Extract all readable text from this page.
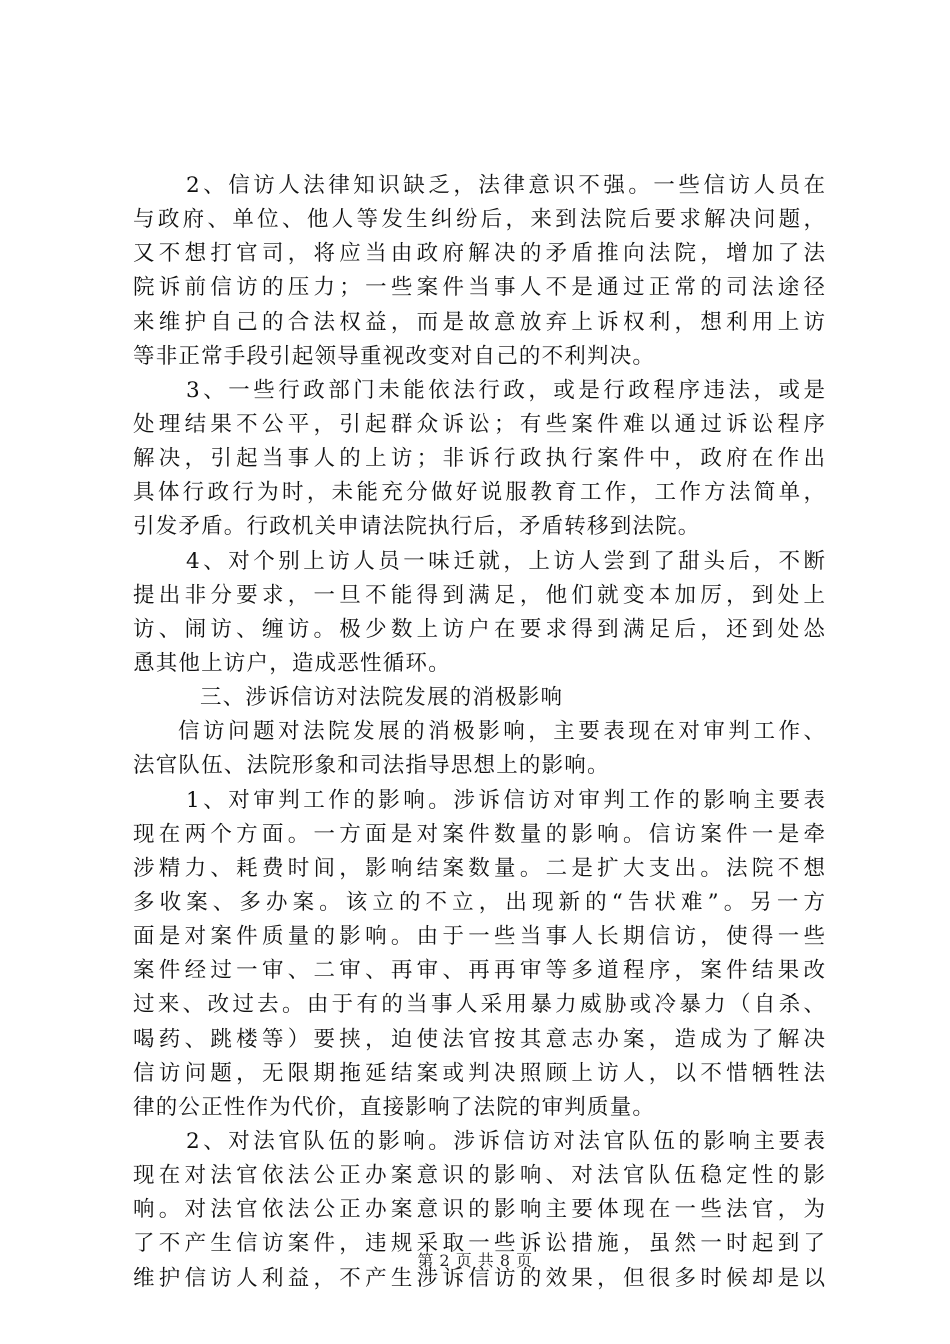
2、信访人法律知识缺乏，法律意识不强。一些信访人员在
与政府、单位、他人等发生纠纷后，来到法院后要求解决问题，
又不想打官司，将应当由政府解决的矛盾推向法院，增加了法
院诉前信访的压力；一些案件当事人不是通过正常的司法途径
来维护自己的合法权益，而是故意放弃上诉权利，想利用上访
等非正常手段引起领导重视改变对自己的不利判决。
3、一些行政部门未能依法行政，或是行政程序违法，或是
处理结果不公平，引起群众诉讼；有些案件难以通过诉讼程序
解决，引起当事人的上访；非诉行政执行案件中，政府在作出
具体行政行为时，未能充分做好说服教育工作，工作方法简单，
引发矛盾。行政机关申请法院执行后，矛盾转移到法院。
4、对个别上访人员一味迁就，上访人尝到了甜头后，不断
提出非分要求，一旦不能得到满足，他们就变本加厉，到处上
访、闹访、缠访。极少数上访户在要求得到满足后，还到处怂
恿其他上访户，造成恶性循环。
三、涉诉信访对法院发展的消极影响
信访问题对法院发展的消极影响，主要表现在对审判工作、
法官队伍、法院形象和司法指导思想上的影响。
1、对审判工作的影响。涉诉信访对审判工作的影响主要表
现在两个方面。一方面是对案件数量的影响。信访案件一是牵
涉精力、耗费时间，影响结案数量。二是扩大支出。法院不想
多收案、多办案。该立的不立，出现新的“告状难”。另一方
面是对案件质量的影响。由于一些当事人长期信访，使得一些
案件经过一审、二审、再审、再再审等多道程序，案件结果改
过来、改过去。由于有的当事人采用暴力威胁或冷暴力（自杀、
喝药、跳楼等）要挟，迫使法官按其意志办案，造成为了解决
信访问题，无限期拖延结案或判决照顾上访人，以不惜牺牲法
律的公正性作为代价，直接影响了法院的审判质量。
2、对法官队伍的影响。涉诉信访对法官队伍的影响主要表
现在对法官依法公正办案意识的影响、对法官队伍稳定性的影
响。对法官依法公正办案意识的影响主要体现在一些法官，为
了不产生信访案件，违规采取一些诉讼措施，虽然一时起到了
维护信访人利益，不产生涉诉信访的效果，但很多时候却是以
第 2 页 共 8 页
